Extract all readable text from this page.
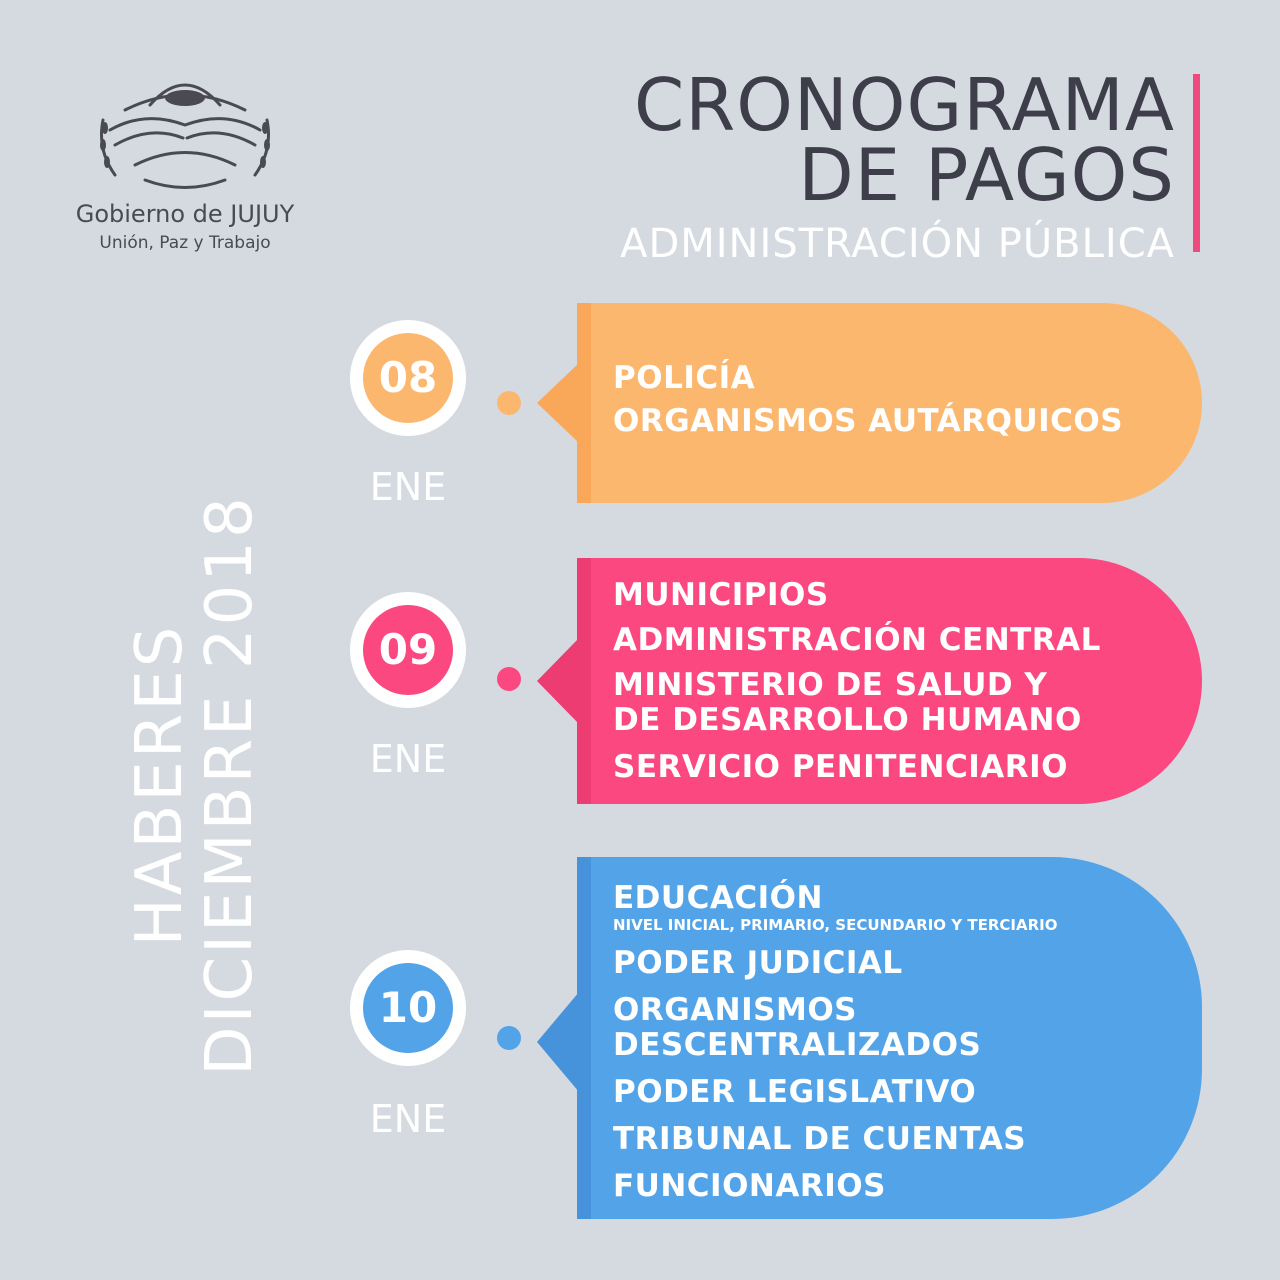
Gobierno de JUJUY
Unión, Paz y Trabajo
CRONOGRAMA
DE PAGOS
ADMINISTRACIÓN PÚBLICA
HABERES
DICIEMBRE 2018
08
ENE
POLICÍA
ORGANISMOS AUTÁRQUICOS
09
ENE
MUNICIPIOS
ADMINISTRACIÓN CENTRAL
MINISTERIO DE SALUD Y
DE DESARROLLO HUMANO
SERVICIO PENITENCIARIO
10
ENE
EDUCACIÓN
NIVEL INICIAL, PRIMARIO, SECUNDARIO Y TERCIARIO
PODER JUDICIAL
ORGANISMOS
DESCENTRALIZADOS
PODER LEGISLATIVO
TRIBUNAL DE CUENTAS
FUNCIONARIOS
